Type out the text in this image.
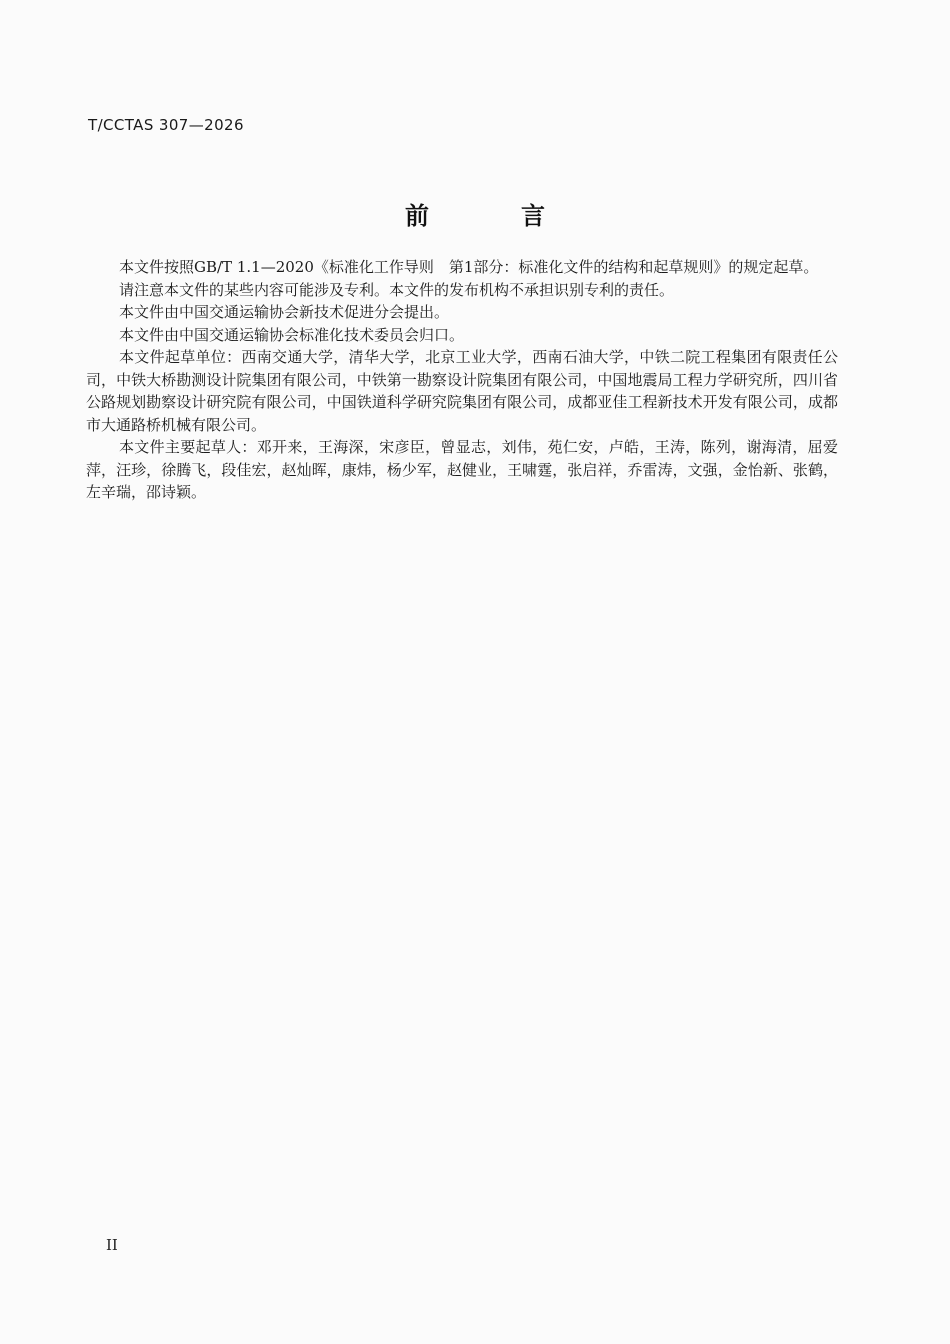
T/CCTAS 307—2026
前　言

本文件按照GB/T 1.1—2020《标准化工作导则　第1部分：标准化文件的结构和起草规则》的规定起草。

请注意本文件的某些内容可能涉及专利。本文件的发布机构不承担识别专利的责任。

本文件由中国交通运输协会新技术促进分会提出。

本文件由中国交通运输协会标准化技术委员会归口。

本文件起草单位：西南交通大学，清华大学，北京工业大学，西南石油大学，中铁二院工程集团有限责任公司，中铁大桥勘测设计院集团有限公司，中铁第一勘察设计院集团有限公司，中国地震局工程力学研究所，四川省公路规划勘察设计研究院有限公司，中国铁道科学研究院集团有限公司，成都亚佳工程新技术开发有限公司，成都市大通路桥机械有限公司。

本文件主要起草人：邓开来，王海深，宋彦臣，曾显志，刘伟，苑仁安，卢皓，王涛，陈列，谢海清，屈爱萍，汪珍，徐腾飞，段佳宏，赵灿晖，康炜，杨少军，赵健业，王啸霆，张启祥，乔雷涛，文强，金怡新、张鹤，左辛瑞，邵诗颖。

II
